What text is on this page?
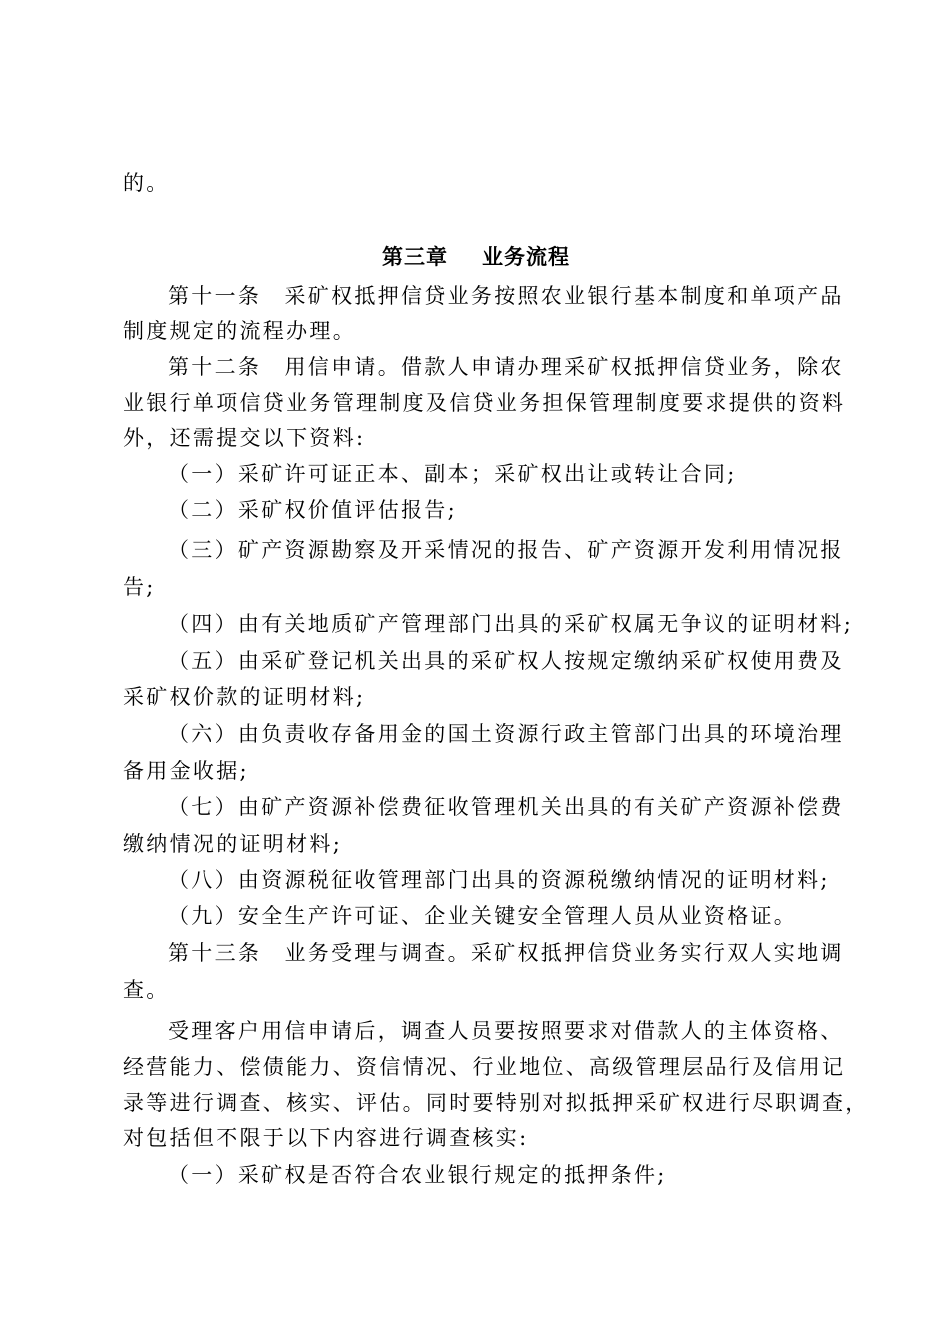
的。
第三章 业务流程
第十一条　采矿权抵押信贷业务按照农业银行基本制度和单项产品
制度规定的流程办理。
第十二条　用信申请。借款人申请办理采矿权抵押信贷业务，除农
业银行单项信贷业务管理制度及信贷业务担保管理制度要求提供的资料
外，还需提交以下资料:
（一）采矿许可证正本、副本；采矿权出让或转让合同;
（二）采矿权价值评估报告;
（三）矿产资源勘察及开采情况的报告、矿产资源开发利用情况报
告;
（四）由有关地质矿产管理部门出具的采矿权属无争议的证明材料;
（五）由采矿登记机关出具的采矿权人按规定缴纳采矿权使用费及
采矿权价款的证明材料;
（六）由负责收存备用金的国土资源行政主管部门出具的环境治理
备用金收据;
（七）由矿产资源补偿费征收管理机关出具的有关矿产资源补偿费
缴纳情况的证明材料;
（八）由资源税征收管理部门出具的资源税缴纳情况的证明材料;
（九）安全生产许可证、企业关键安全管理人员从业资格证。
第十三条　业务受理与调查。采矿权抵押信贷业务实行双人实地调
查。
受理客户用信申请后，调查人员要按照要求对借款人的主体资格、
经营能力、偿债能力、资信情况、行业地位、高级管理层品行及信用记
录等进行调查、核实、评估。同时要特别对拟抵押采矿权进行尽职调查，
对包括但不限于以下内容进行调查核实:
（一）采矿权是否符合农业银行规定的抵押条件;
